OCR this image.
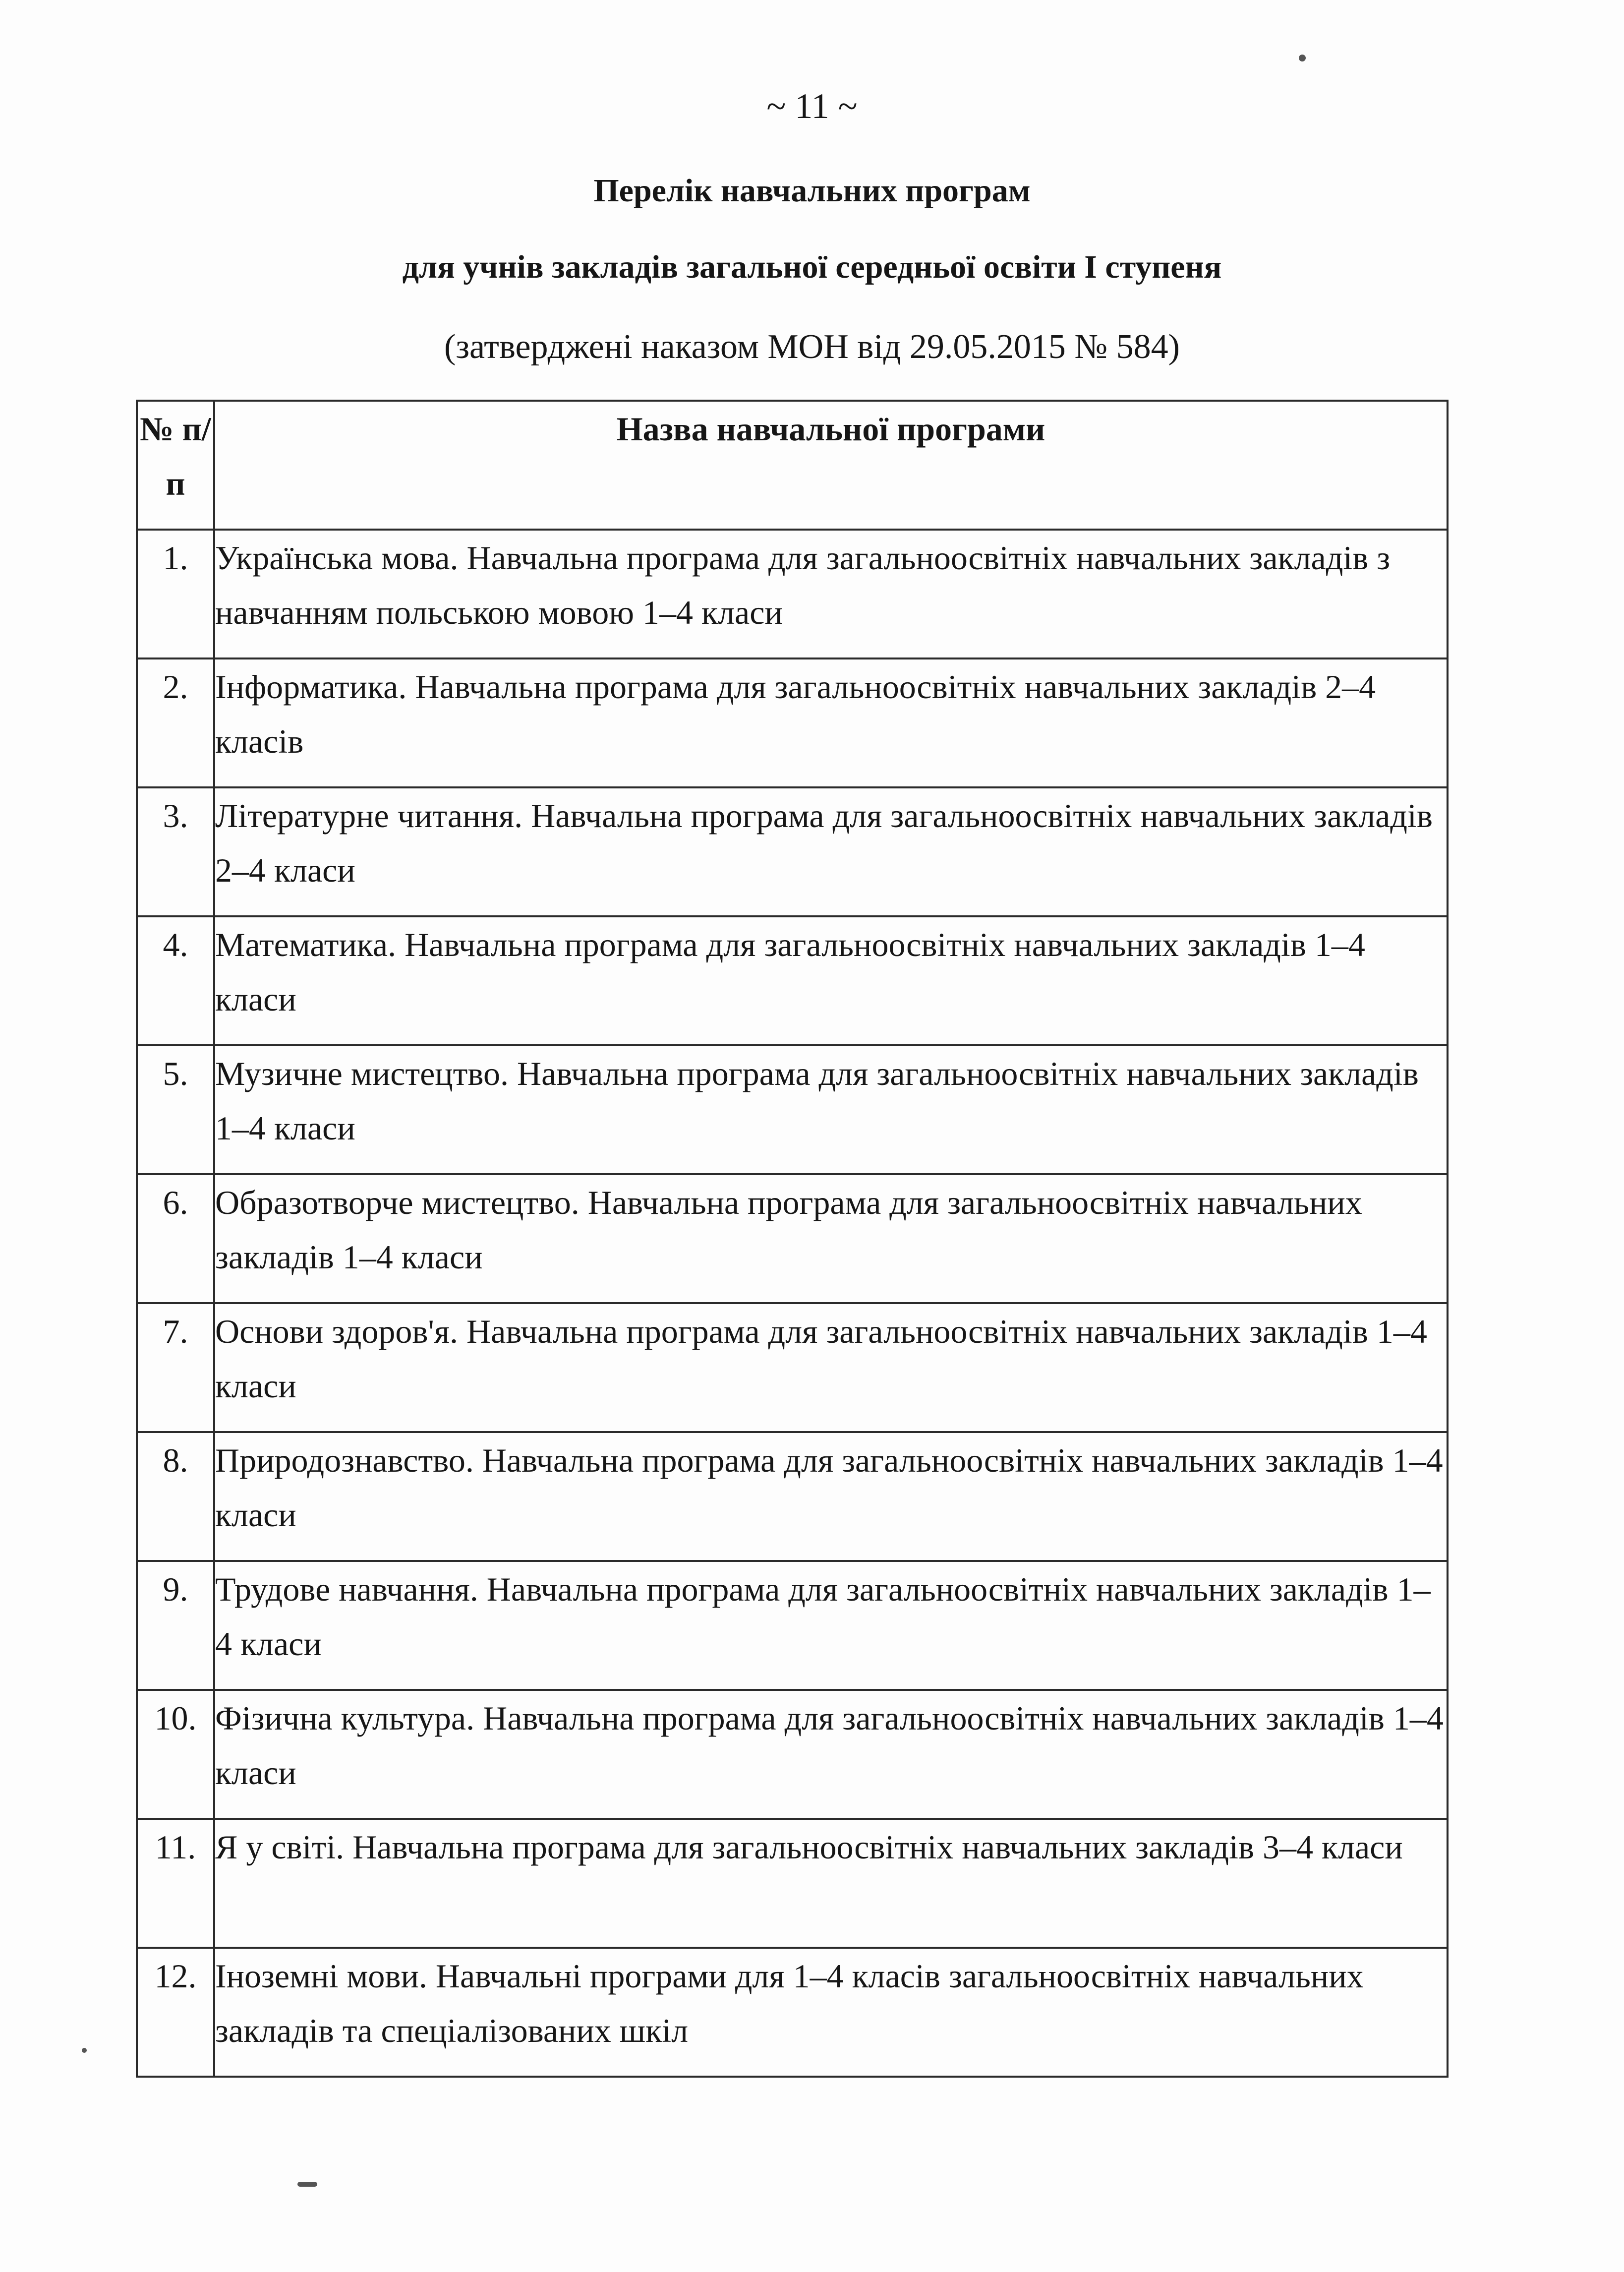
~ 11 ~
Перелік навчальних програм
для учнів закладів загальної середньої освіти І ступеня
(затверджені наказом МОН від 29.05.2015 № 584)
№ п/п	Назва навчальної програми
1.	Українська мова. Навчальна програма для загальноосвітніх навчальних закладів з навчанням польською мовою 1–4 класи
2.	Інформатика. Навчальна програма для загальноосвітніх навчальних закладів 2–4 класів
3.	Літературне читання. Навчальна програма для загальноосвітніх навчальних закладів 2–4 класи
4.	Математика. Навчальна програма для загальноосвітніх навчальних закладів 1–4 класи
5.	Музичне мистецтво. Навчальна програма для загальноосвітніх навчальних закладів 1–4 класи
6.	Образотворче мистецтво. Навчальна програма для загальноосвітніх навчальних закладів 1–4 класи
7.	Основи здоров'я. Навчальна програма для загальноосвітніх навчальних закладів 1–4 класи
8.	Природознавство. Навчальна програма для загальноосвітніх навчальних закладів 1–4 класи
9.	Трудове навчання. Навчальна програма для загальноосвітніх навчальних закладів 1–4 класи
10.	Фізична культура. Навчальна програма для загальноосвітніх навчальних закладів 1–4 класи
11.	Я у світі. Навчальна програма для загальноосвітніх навчальних закладів 3–4 класи
12.	Іноземні мови. Навчальні програми для 1–4 класів загальноосвітніх навчальних закладів та спеціалізованих шкіл
